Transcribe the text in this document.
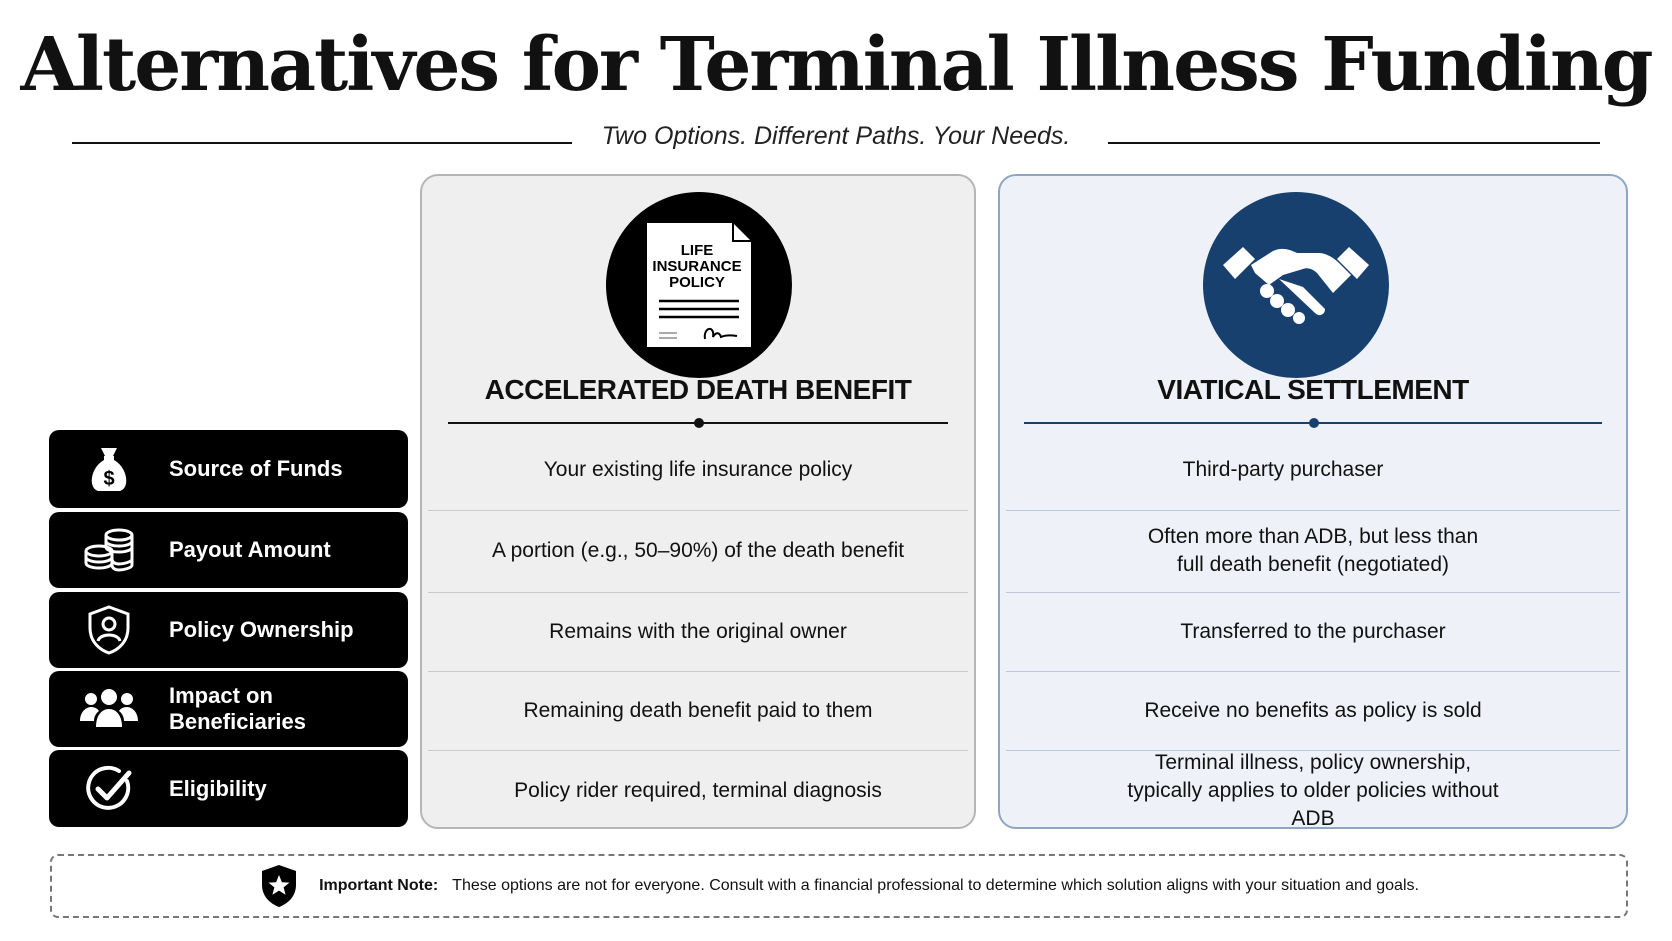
Alternatives for Terminal Illness Funding
Two Options. Different Paths. Your Needs.
$ Source of Funds
Payout Amount
Policy Ownership
Impact on Beneficiaries
Eligibility
LIFE
INSURANCE
POLICY
ACCELERATED DEATH BENEFIT
Your existing life insurance policy
A portion (e.g., 50–90%) of the death benefit
Remains with the original owner
Remaining death benefit paid to them
Policy rider required, terminal diagnosis
VIATICAL SETTLEMENT
Third-party purchaser
Often more than ADB, but less than full death benefit (negotiated)
Transferred to the purchaser
Receive no benefits as policy is sold
Terminal illness, policy ownership, typically applies to older policies without ADB
Important Note: These options are not for everyone. Consult with a financial professional to determine which solution aligns with your situation and goals.
